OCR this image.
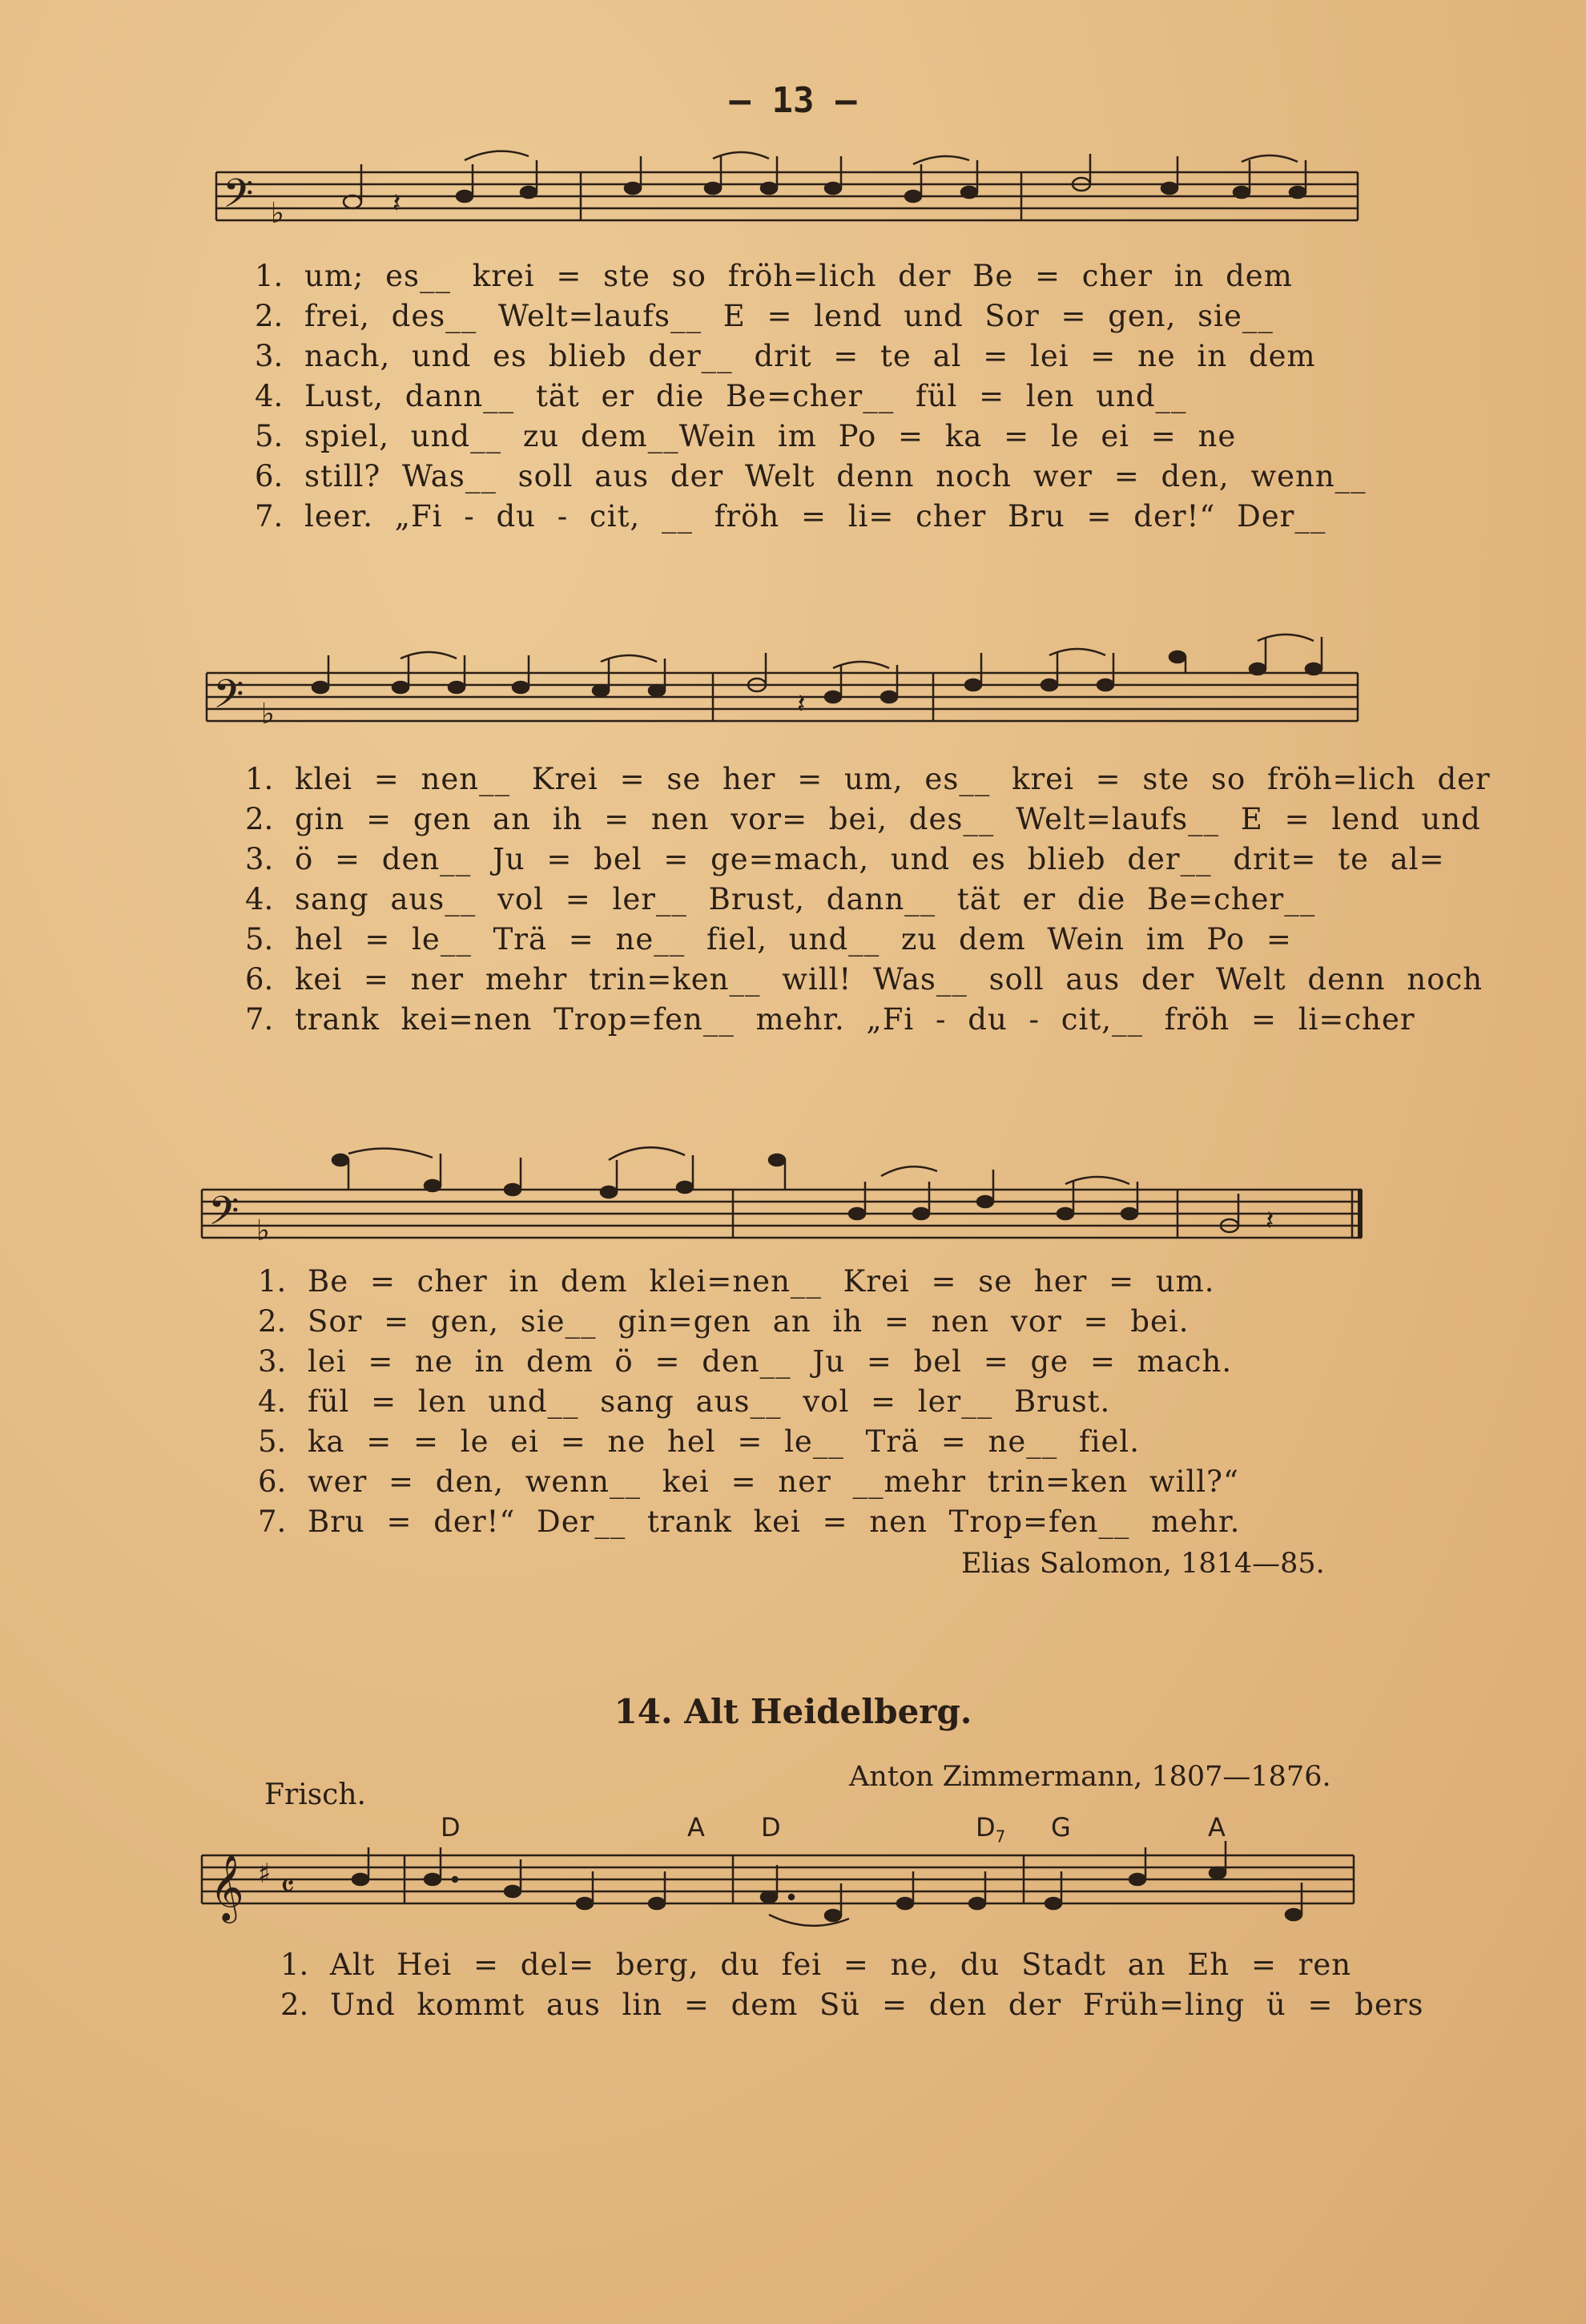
— 13 —
𝄢 ♭	𝄽
𝄢 ♭	𝄽
𝄢 ♭	𝄽
𝄞 ♯ 𝄴
1. um; es__ krei = ste so fröh=lich der Be = cher in dem
2. frei, des__ Welt=laufs__ E = lend und Sor = gen, sie__
3. nach, und es blieb der__ drit = te al = lei = ne in dem
4. Lust, dann__ tät er die Be=cher__ fül = len und__
5. spiel, und__ zu dem__Wein im Po = ka = le ei = ne
6. still? Was__ soll aus der Welt denn noch wer = den, wenn__
7. leer. „Fi - du - cit, __ fröh = li= cher Bru = der!“ Der__
1. klei = nen__ Krei = se her = um, es__ krei = ste so fröh=lich der
2. gin = gen an ih = nen vor= bei, des__ Welt=laufs__ E = lend und
3. ö = den__ Ju = bel = ge=mach, und es blieb der__ drit= te al=
4. sang aus__ vol = ler__ Brust, dann__ tät er die Be=cher__
5. hel = le__ Trä = ne__ fiel, und__ zu dem Wein im Po =
6. kei = ner mehr trin=ken__ will! Was__ soll aus der Welt denn noch
7. trank kei=nen Trop=fen__ mehr. „Fi - du - cit,__ fröh = li=cher
1. Be = cher in dem klei=nen__ Krei = se her = um.
2. Sor = gen, sie__ gin=gen an ih = nen vor = bei.
3. lei = ne in dem ö = den__ Ju = bel = ge = mach.
4. fül = len und__ sang aus__ vol = ler__ Brust.
5. ka = = le ei = ne hel = le__ Trä = ne__ fiel.
6. wer = den, wenn__ kei = ner __mehr trin=ken will?“
7. Bru = der!“ Der__ trank kei = nen Trop=fen__ mehr.
Elias Salomon, 1814—85.
14. Alt Heidelberg.
Anton Zimmermann, 1807—1876.
Frisch.
D	A D	$D_7$ G	A
1. Alt Hei = del= berg, du fei = ne, du Stadt an Eh = ren
2. Und kommt aus lin = dem Sü = den der Früh=ling ü = bers
